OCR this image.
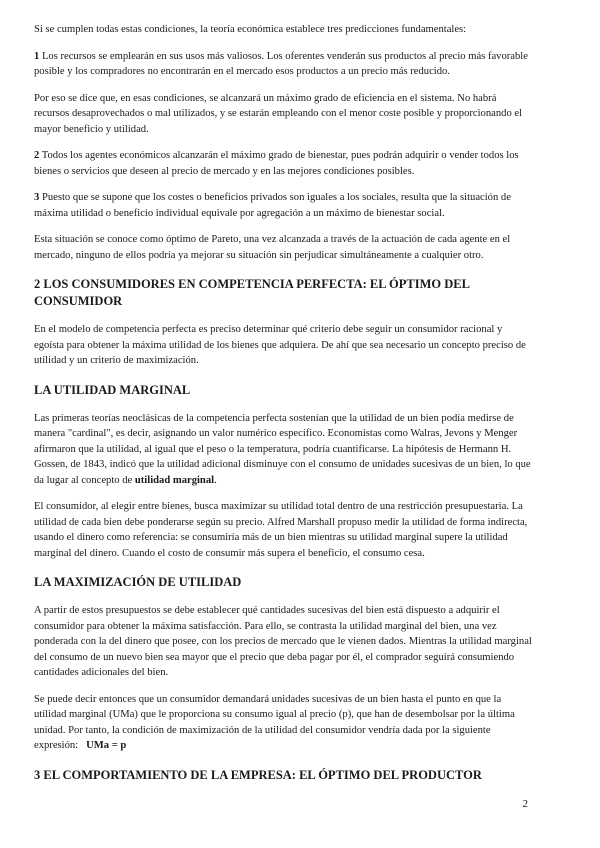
Si se cumplen todas estas condiciones, la teoría económica establece tres predicciones fundamentales:

1 Los recursos se emplearán en sus usos más valiosos. Los oferentes venderán sus productos al precio más favorable posible y los compradores no encontrarán en el mercado esos productos a un precio más reducido.

Por eso se dice que, en esas condiciones, se alcanzará un máximo grado de eficiencia en el sistema. No habrá recursos desaprovechados o mal utilizados, y se estarán empleando con el menor coste posible y proporcionando el mayor beneficio y utilidad.

2 Todos los agentes económicos alcanzarán el máximo grado de bienestar, pues podrán adquirir o vender todos los bienes o servicios que deseen al precio de mercado y en las mejores condiciones posibles.

3 Puesto que se supone que los costes o beneficios privados son iguales a los sociales, resulta que la situación de máxima utilidad o beneficio individual equivale por agregación a un máximo de bienestar social.

Esta situación se conoce como óptimo de Pareto, una vez alcanzada a través de la actuación de cada agente en el mercado, ninguno de ellos podría ya mejorar su situación sin perjudicar simultáneamente a cualquier otro.

2 LOS CONSUMIDORES EN COMPETENCIA PERFECTA: EL ÓPTIMO DEL CONSUMIDOR

En el modelo de competencia perfecta es preciso determinar qué criterio debe seguir un consumidor racional y egoísta para obtener la máxima utilidad de los bienes que adquiera. De ahí que sea necesario un concepto preciso de utilidad y un criterio de maximización.

LA UTILIDAD MARGINAL

Las primeras teorías neoclásicas de la competencia perfecta sostenían que la utilidad de un bien podía medirse de manera "cardinal", es decir, asignando un valor numérico específico. Economistas como Walras, Jevons y Menger afirmaron que la utilidad, al igual que el peso o la temperatura, podría cuantificarse. La hipótesis de Hermann H. Gossen, de 1843, indicó que la utilidad adicional disminuye con el consumo de unidades sucesivas de un bien, lo que da lugar al concepto de utilidad marginal.

El consumidor, al elegir entre bienes, busca maximizar su utilidad total dentro de una restricción presupuestaria. La utilidad de cada bien debe ponderarse según su precio. Alfred Marshall propuso medir la utilidad de forma indirecta, usando el dinero como referencia: se consumiría más de un bien mientras su utilidad marginal supere la utilidad marginal del dinero. Cuando el costo de consumir más supera el beneficio, el consumo cesa.

LA MAXIMIZACIÓN DE UTILIDAD

A partir de estos presupuestos se debe establecer qué cantidades sucesivas del bien está dispuesto a adquirir el consumidor para obtener la máxima satisfacción. Para ello, se contrasta la utilidad marginal del bien, una vez ponderada con la del dinero que posee, con los precios de mercado que le vienen dados. Mientras la utilidad marginal del consumo de un nuevo bien sea mayor que el precio que deba pagar por él, el comprador seguirá consumiendo cantidades adicionales del bien.

Se puede decir entonces que un consumidor demandará unidades sucesivas de un bien hasta el punto en que la utilidad marginal (UMa) que le proporciona su consumo igual al precio (p), que han de desembolsar por la última unidad. Por tanto, la condición de maximización de la utilidad del consumidor vendría dada por la siguiente expresión: UMa = p

3 EL COMPORTAMIENTO DE LA EMPRESA: EL ÓPTIMO DEL PRODUCTOR
2
